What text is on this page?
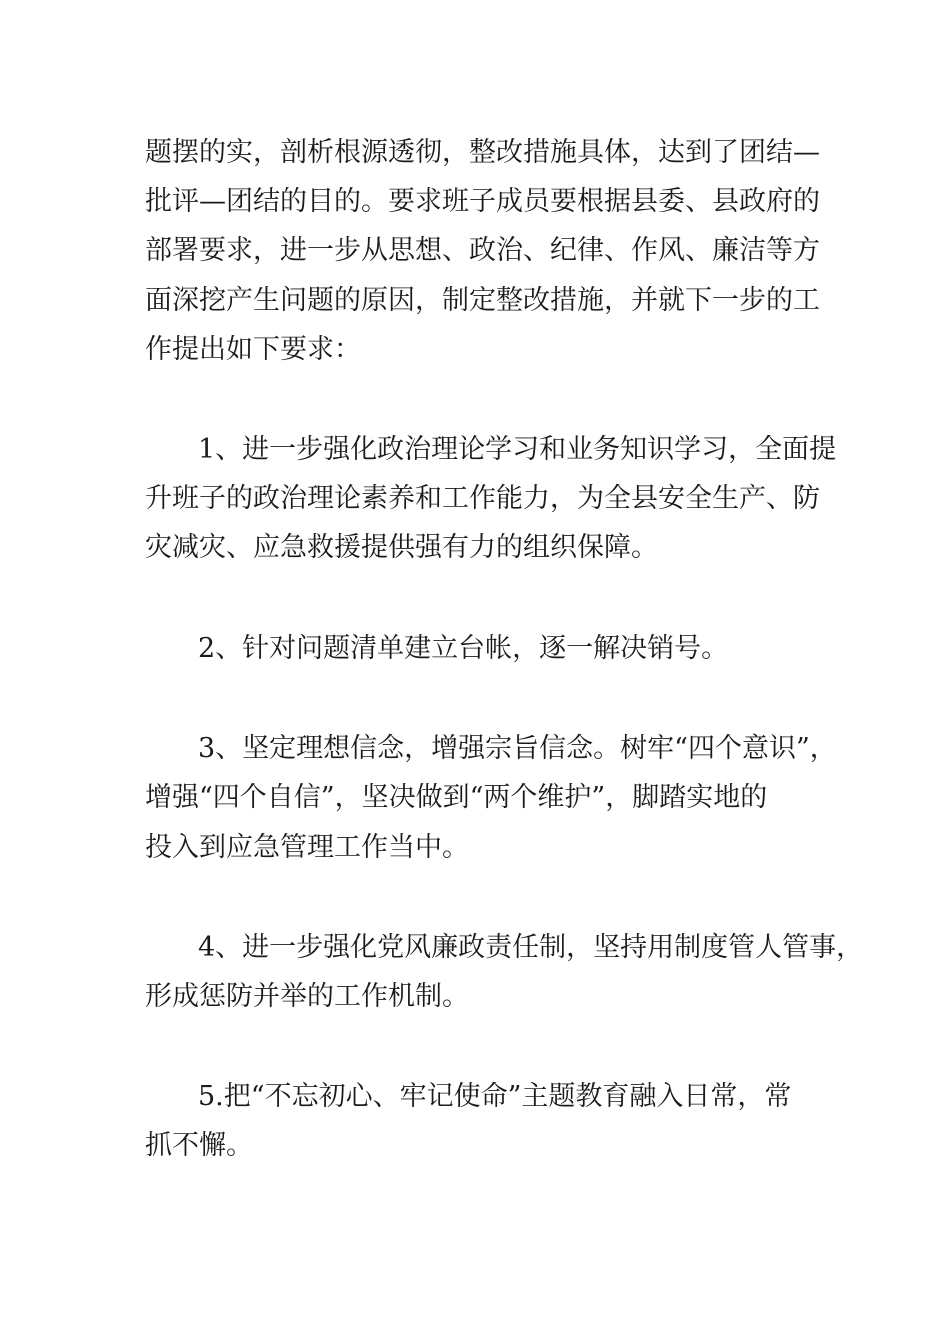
题摆的实，剖析根源透彻，整改措施具体，达到了团结—
批评—团结的目的。要求班子成员要根据县委、县政府的
部署要求，进一步从思想、政治、纪律、作风、廉洁等方
面深挖产生问题的原因，制定整改措施，并就下一步的工
作提出如下要求：
1、进一步强化政治理论学习和业务知识学习，全面提
升班子的政治理论素养和工作能力，为全县安全生产、防
灾减灾、应急救援提供强有力的组织保障。
2、针对问题清单建立台帐，逐一解决销号。
3、坚定理想信念，增强宗旨信念。树牢“四个意识”，
增强“四个自信”，坚决做到“两个维护”，脚踏实地的
投入到应急管理工作当中。
4、进一步强化党风廉政责任制，坚持用制度管人管事，
形成惩防并举的工作机制。
5.把“不忘初心、牢记使命”主题教育融入日常，常
抓不懈。
